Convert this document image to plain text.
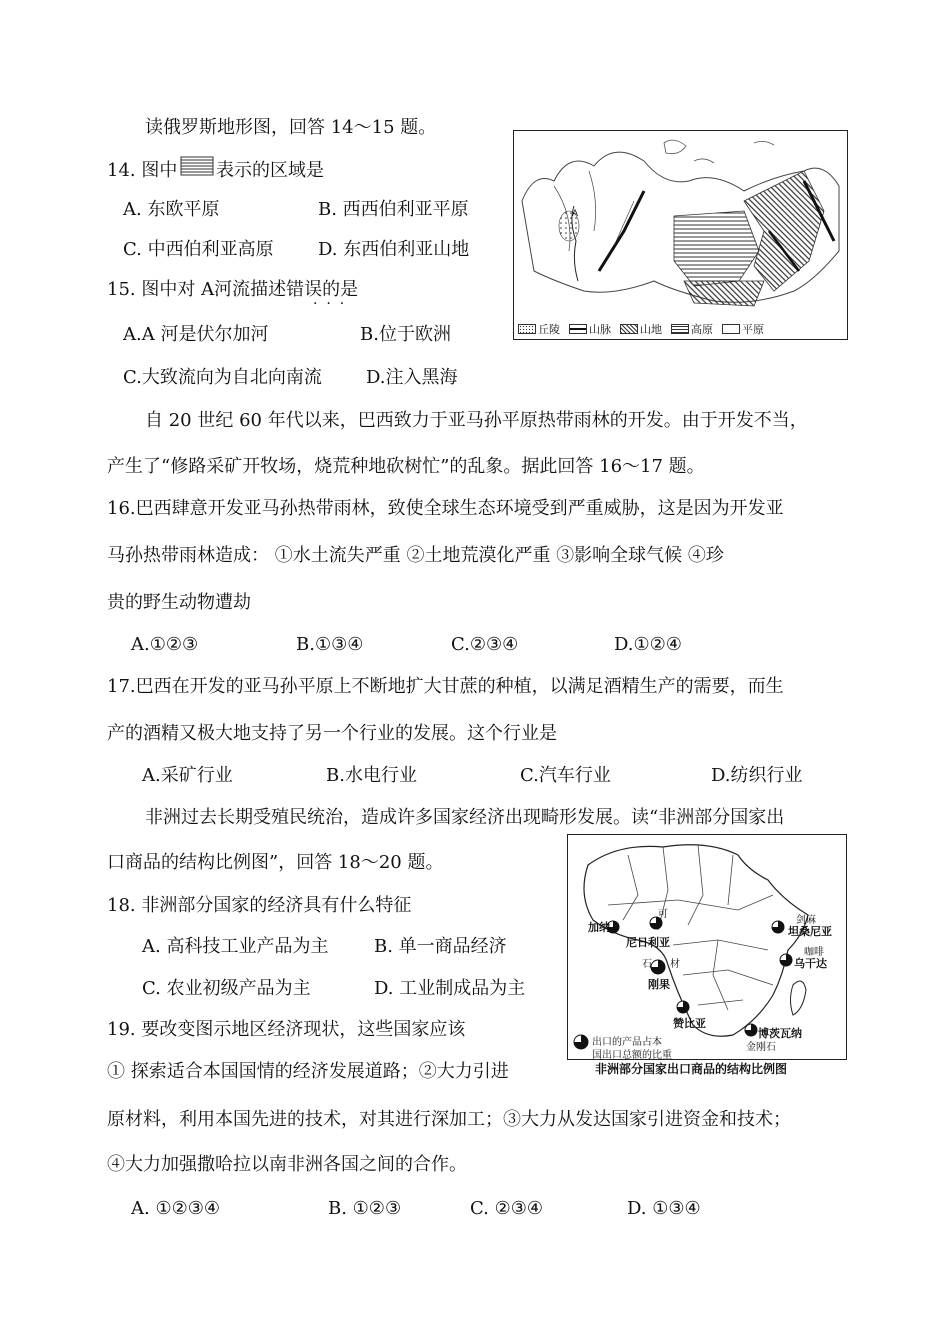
读俄罗斯地形图，回答 14～15 题。
14. 图中 表示的区域是
A. 东欧平原	B. 西西伯利亚平原
C. 中西伯利亚高原 D. 东西伯利亚山地
15. 图中对 A河流描述错误的是
·  ·  ·
A.A 河是伏尔加河	B.位于欧洲
C.大致流向为自北向南流 D.注入黑海
A
丘陵	山脉	山地	高原	平原
自 20 世纪 60 年代以来，巴西致力于亚马孙平原热带雨林的开发。由于开发不当，
产生了“修路采矿开牧场，烧荒种地砍树忙”的乱象。据此回答 16～17 题。
16.巴西肆意开发亚马孙热带雨林，致使全球生态环境受到严重威胁，这是因为开发亚
马孙热带雨林造成： ①水土流失严重 ②土地荒漠化严重 ③影响全球气候 ④珍
贵的野生动物遭劫
A.①②③	B.①③④	C.②③④	D.①②④
17.巴西在开发的亚马孙平原上不断地扩大甘蔗的种植，以满足酒精生产的需要，而生
产的酒精又极大地支持了另一个行业的发展。这个行业是
A.采矿行业	B.水电行业	C.汽车行业	D.纺织行业
非洲过去长期受殖民统治，造成许多国家经济出现畸形发展。读“非洲部分国家出
口商品的结构比例图”，回答 18～20 题。
18. 非洲部分国家的经济具有什么特征
A. 高科技工业产品为主	B. 单一商品经济
C. 农业初级产品为主	D. 工业制成品为主
19. 要改变图示地区经济现状，这些国家应该
① 探索适合本国国情的经济发展道路；②大力引进
原材料，利用本国先进的技术，对其进行深加工；③大力从发达国家引进资金和技术；
④大力加强撒哈拉以南非洲各国之间的合作。
A. ①②③④	B. ①②③	C. ②③④	D. ①③④
加纳
可
尼日利亚
石 材
刚果
赞比亚
剑麻
坦桑尼亚
咖啡
乌干达
博茨瓦纳
金刚石
出口的产品占本
国出口总额的比重
非洲部分国家出口商品的结构比例图
